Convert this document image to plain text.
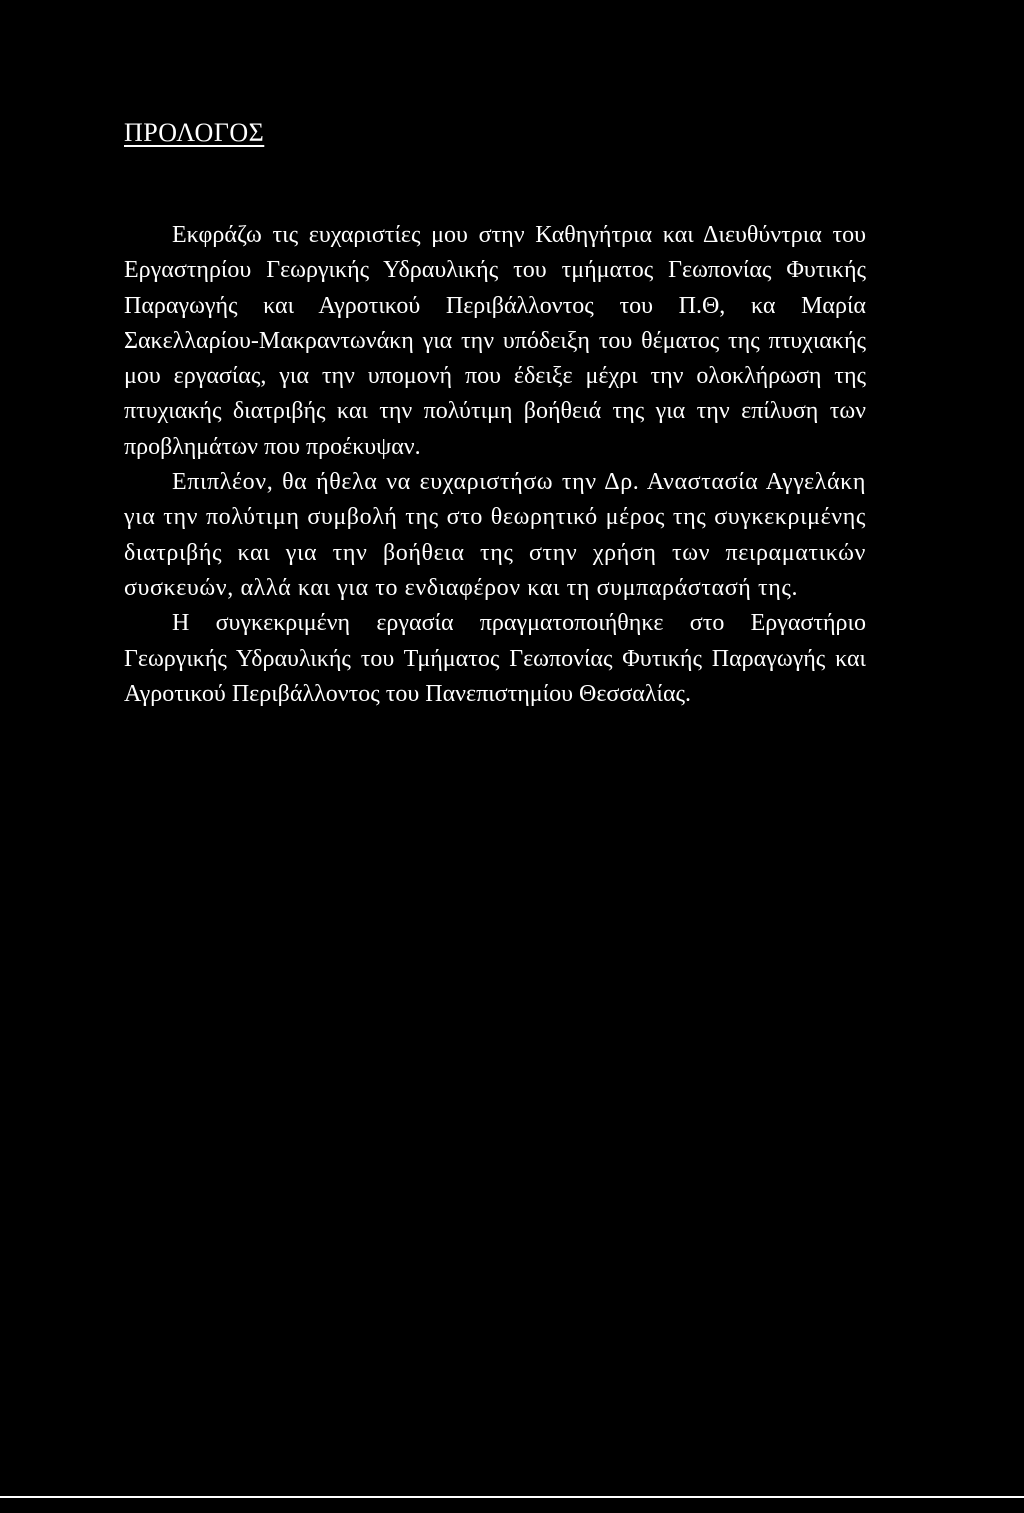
ΠΡΟΛΟΓΟΣ

Εκφράζω τις ευχαριστίες μου στην Καθηγήτρια και Διευθύντρια του Εργαστηρίου Γεωργικής Υδραυλικής του τμήματος Γεωπονίας Φυτικής Παραγωγής και Αγροτικού Περιβάλλοντος του Π.Θ, κα Μαρία Σακελλαρίου-Μακραντωνάκη για την υπόδειξη του θέματος της πτυχιακής μου εργασίας, για την υπομονή που έδειξε μέχρι την ολοκλήρωση της πτυχιακής διατριβής και την πολύτιμη βοήθειά της για την επίλυση των προβλημάτων που προέκυψαν.

Επιπλέον, θα ήθελα να ευχαριστήσω την Δρ. Αναστασία Αγγελάκη για την πολύτιμη συμβολή της στο θεωρητικό μέρος της συγκεκριμένης διατριβής και για την βοήθεια της στην χρήση των πειραματικών συσκευών, αλλά και για το ενδιαφέρον και τη συμπαράστασή της.

Η συγκεκριμένη εργασία πραγματοποιήθηκε στο Εργαστήριο Γεωργικής Υδραυλικής του Τμήματος Γεωπονίας Φυτικής Παραγωγής και Αγροτικού Περιβάλλοντος του Πανεπιστημίου Θεσσαλίας.
